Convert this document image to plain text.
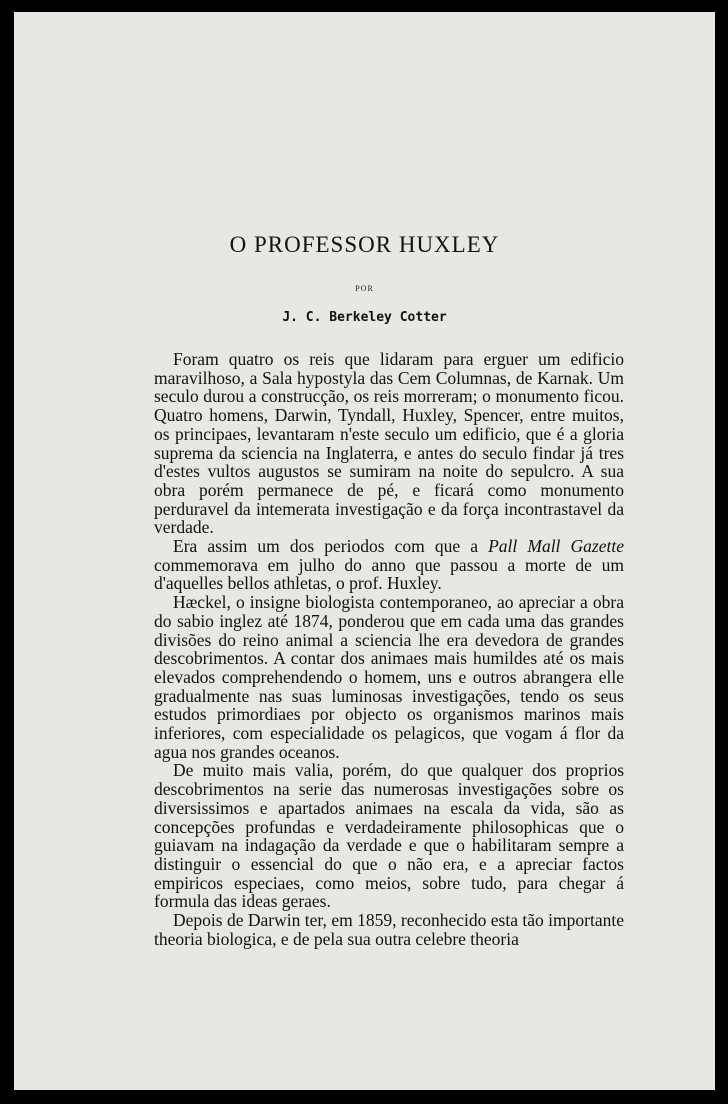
O PROFESSOR HUXLEY
POR
J. C. Berkeley Cotter

Foram quatro os reis que lidaram para erguer um edificio maravilhoso, a Sala hypostyla das Cem Columnas, de Karnak. Um seculo durou a construcção, os reis morreram; o monumento ficou. Quatro homens, Darwin, Tyndall, Huxley, Spencer, entre muitos, os principaes, levantaram n'este seculo um edificio, que é a gloria suprema da sciencia na Inglaterra, e antes do seculo findar já tres d'estes vultos augustos se sumiram na noite do sepulcro. A sua obra porém permanece de pé, e ficará como monumento perduravel da intemerata investigação e da força incontrastavel da verdade.

Era assim um dos periodos com que a Pall Mall Gazette commemorava em julho do anno que passou a morte de um d'aquelles bellos athletas, o prof. Huxley.

Hæckel, o insigne biologista contemporaneo, ao apreciar a obra do sabio inglez até 1874, ponderou que em cada uma das grandes divisões do reino animal a sciencia lhe era devedora de grandes descobrimentos. A contar dos animaes mais humildes até os mais elevados comprehendendo o homem, uns e outros abrangera elle gradualmente nas suas luminosas investigações, tendo os seus estudos primordiaes por objecto os organismos marinos mais inferiores, com especialidade os pelagicos, que vogam á flor da agua nos grandes oceanos.

De muito mais valia, porém, do que qualquer dos proprios descobrimentos na serie das numerosas investigações sobre os diversissimos e apartados animaes na escala da vida, são as concepções profundas e verdadeiramente philosophicas que o guiavam na indagação da verdade e que o habilitaram sempre a distinguir o essencial do que o não era, e a apreciar factos empiricos especiaes, como meios, sobre tudo, para chegar á formula das ideas geraes.

Depois de Darwin ter, em 1859, reconhecido esta tão importante theoria biologica, e de pela sua outra celebre theoria
